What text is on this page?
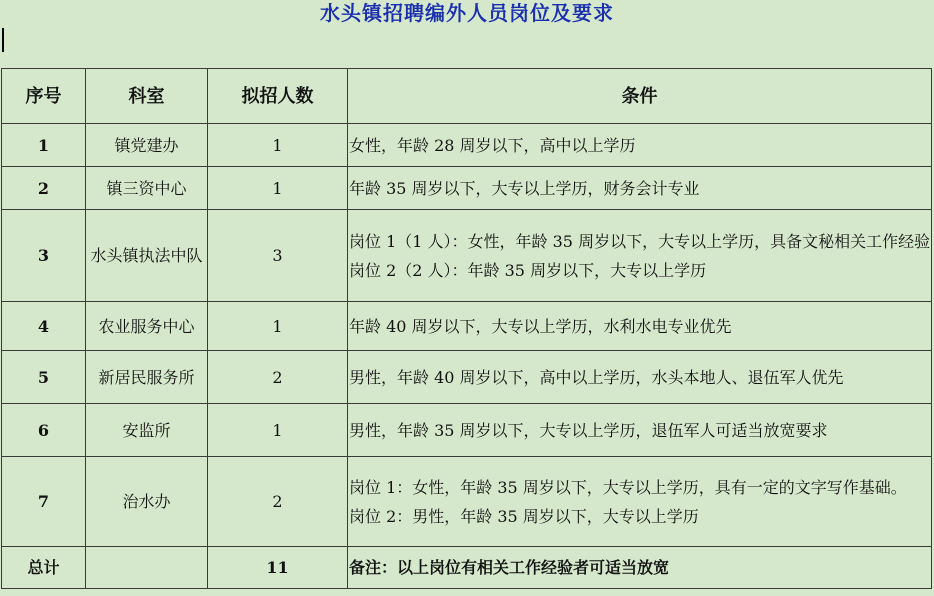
水头镇招聘编外人员岗位及要求
序号	科室	拟招人数	条件
1	镇党建办	1	女性，年龄 28 周岁以下，高中以上学历

2	镇三资中心	1	年龄 35 周岁以下，大专以上学历，财务会计专业

3	水头镇执法中队	3	岗位 1（1 人）：女性，年龄 35 周岁以下，大专以上学历，具备文秘相关工作经验
岗位 2（2 人）：年龄 35 周岁以下，大专以上学历

4	农业服务中心	1	年龄 40 周岁以下，大专以上学历，水利水电专业优先

5	新居民服务所	2	男性，年龄 40 周岁以下，高中以上学历，水头本地人、退伍军人优先

6	安监所	1	男性，年龄 35 周岁以下，大专以上学历，退伍军人可适当放宽要求

7	治水办	2	岗位 1：女性，年龄 35 周岁以下，大专以上学历，具有一定的文字写作基础。
岗位 2：男性，年龄 35 周岁以下，大专以上学历

总计		11	备注：以上岗位有相关工作经验者可适当放宽
